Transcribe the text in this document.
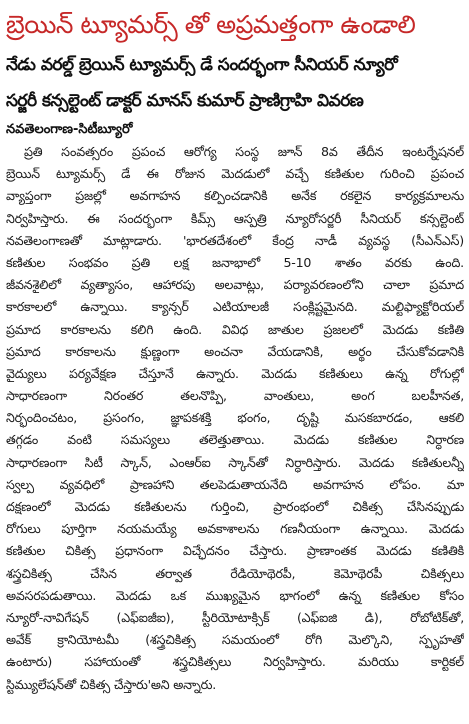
బ్రెయిన్ ట్యూమర్స్ తో అప్రమత్తంగా ఉండాలి
నేడు వరల్డ్ బ్రెయిన్ ట్యూమర్స్ డే సందర్భంగా సీనియర్ న్యూరో
సర్జరీ కన్సల్టెంట్ డాక్టర్ మానస్ కుమార్ ప్రాణిగ్రాహి వివరణ
నవతెలంగాణ-సిటీబ్యూరో
ప్రతి సంవత్సరం ప్రపంచ ఆరోగ్య సంస్థ జూన్ 8వ తేదీన ఇంటర్నేషనల్
బ్రెయిన్ ట్యూమర్స్ డే ఈ రోజున మెదడులో వచ్చే కణితుల గురించి ప్రపంచ
వ్యాప్తంగా ప్రజల్లో అవగాహన కల్పించడానికి అనేక రకలైన కార్యక్రమాలను
నిర్వహిస్తారు. ఈ సందర్భంగా కిమ్స్ ఆస్పత్రి న్యూరోసర్జరీ సీనియర్ కన్సల్టెంట్
నవతెలంగాణతో మాట్లాడారు. 'భారతదేశంలో కేంద్ర నాడీ వ్యవస్థ (సీఎన్ఎస్)
కణితుల సంభవం ప్రతి లక్ష జనాభాలో 5-10 శాతం వరకు ఉంది.
జీవనశైలిలో వ్యత్యాసం, ఆహారపు అలవాట్లు, పర్యావరణంలోని చాలా ప్రమాద
కారకాలలో ఉన్నాయి. క్యాన్సర్ ఎటియాలజీ సంక్లిష్టమైనది. మల్టిఫ్యాక్టోరియల్
ప్రమాద కారకాలను కలిగి ఉంది. వివిధ జాతుల ప్రజలలో మెదడు కణితి
ప్రమాద కారకాలను క్షుణ్ణంగా అంచనా వేయడానికి, అర్థం చేసుకోవడానికి
వైద్యులు పర్యవేక్షణ చేస్తూనే ఉన్నారు. మెదడు కణితులు ఉన్న రోగుల్లో
సాధారణంగా నిరంతర తలనొప్పి, వాంతులు, అంగ బలహీనత,
నిర్భందించటం, ప్రసంగం, జ్ఞాపకశక్తి భంగం, దృష్టి మసకబారడం, ఆకలి
తగ్గడం వంటి సమస్యలు తలెత్తుతాయి. మెదడు కణితుల నిర్ధారణ
సాధారణంగా సిటీ స్కాన్, ఎంఆర్ఐ స్కాన్‌తో నిర్ధారిస్తారు. మెదడు కణితులన్నీ
స్వల్ప వ్యవధిలో ప్రాణహాని తలపెడుతాయనేది అవగాహన లోపం. మా
దక్షణంలో మెదడు కణితులను గుర్తించి, ప్రారంభంలో చికిత్స చేసినప్పుడు
రోగులు పూర్తిగా నయమయ్యే అవకాశాలను గణనీయంగా ఉన్నాయి. మెదడు
కణితుల చికిత్స ప్రధానంగా విచ్ఛేదనం చేస్తారు. ప్రాణాంతక మెదడు కణితికి
శస్త్రచికిత్స చేసిన తర్వాత రేడియోథెరపీ, కెమోథెరపీ చికిత్సలు
అవసరపడుతాయి. మెదడు ఒక ముఖ్యమైన భాగంలో ఉన్న కణితుల కోసం
న్యూరో-నావిగేషన్ (ఎఫ్ఐజీఐ), స్టీరియోటాక్సిక్ (ఎఫ్ఐజి డి), రోబోటిక్‌తో,
అవేక్ క్రానియోటమీ (శస్త్రచికిత్స సమయంలో రోగి మెల్కొని, స్పృహతో
ఉంటారు) సహాయంతో శస్త్రచికిత్సలు నిర్వహిస్తారు. మరియు కార్టికల్
స్టిమ్యులేషన్‌తో చికిత్స చేస్తారు'అని అన్నారు.
